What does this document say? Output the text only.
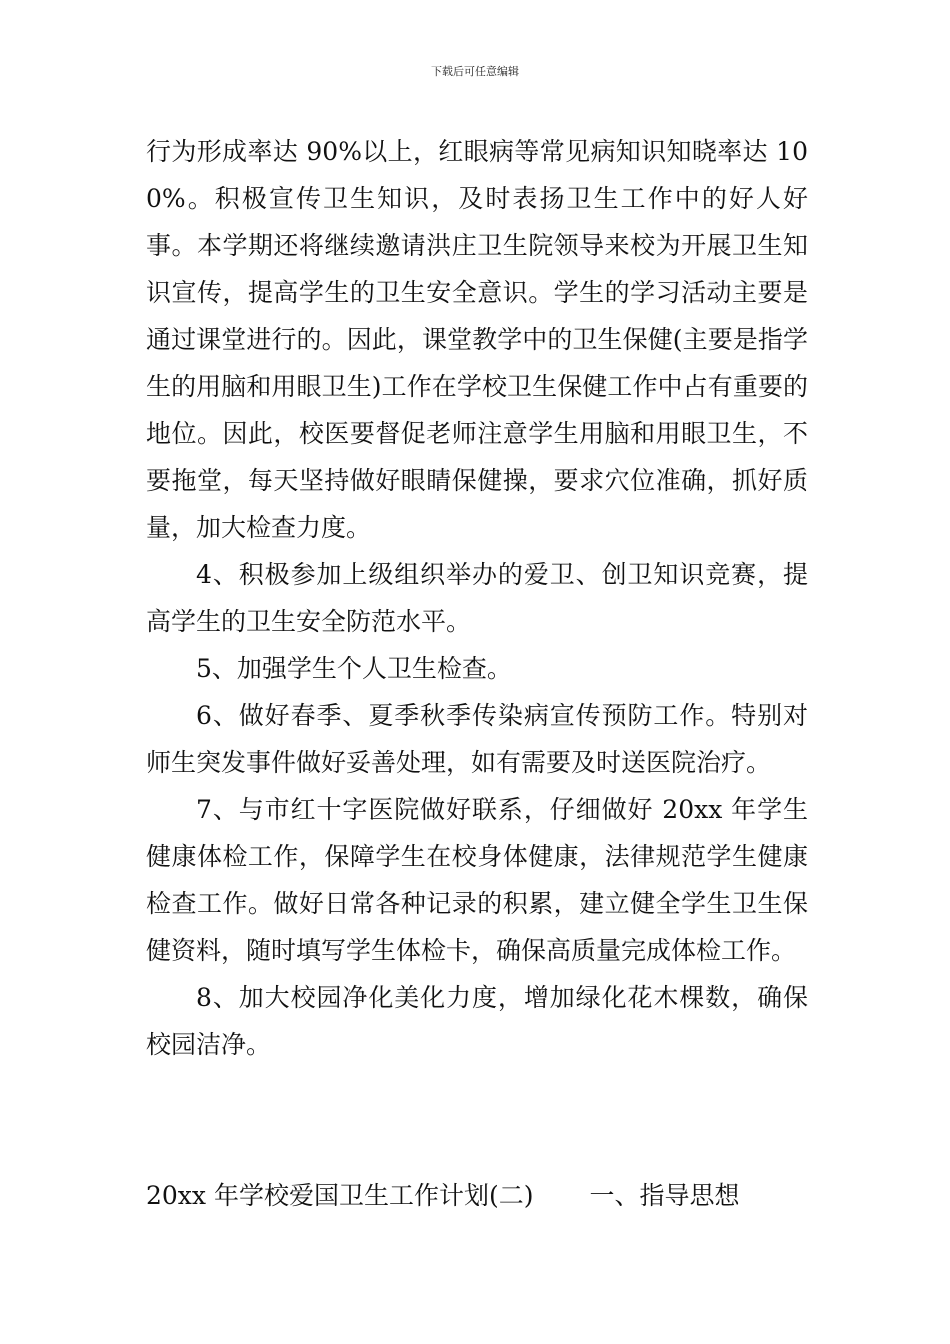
下载后可任意编辑

行为形成率达 90%以上，红眼病等常见病知识知晓率达 100%。积极宣传卫生知识，及时表扬卫生工作中的好人好事。本学期还将继续邀请洪庄卫生院领导来校为开展卫生知识宣传，提高学生的卫生安全意识。学生的学习活动主要是通过课堂进行的。因此，课堂教学中的卫生保健(主要是指学生的用脑和用眼卫生)工作在学校卫生保健工作中占有重要的地位。因此，校医要督促老师注意学生用脑和用眼卫生，不要拖堂，每天坚持做好眼睛保健操，要求穴位准确，抓好质量，加大检查力度。

4、积极参加上级组织举办的爱卫、创卫知识竞赛，提高学生的卫生安全防范水平。

5、加强学生个人卫生检查。

6、做好春季、夏季秋季传染病宣传预防工作。特别对师生突发事件做好妥善处理，如有需要及时送医院治疗。

7、与市红十字医院做好联系，仔细做好 20xx 年学生健康体检工作，保障学生在校身体健康，法律规范学生健康检查工作。做好日常各种记录的积累，建立健全学生卫生保健资料，随时填写学生体检卡，确保高质量完成体检工作。

8、加大校园净化美化力度，增加绿化花木棵数，确保校园洁净。

20xx 年学校爱国卫生工作计划(二) 一、指导思想
